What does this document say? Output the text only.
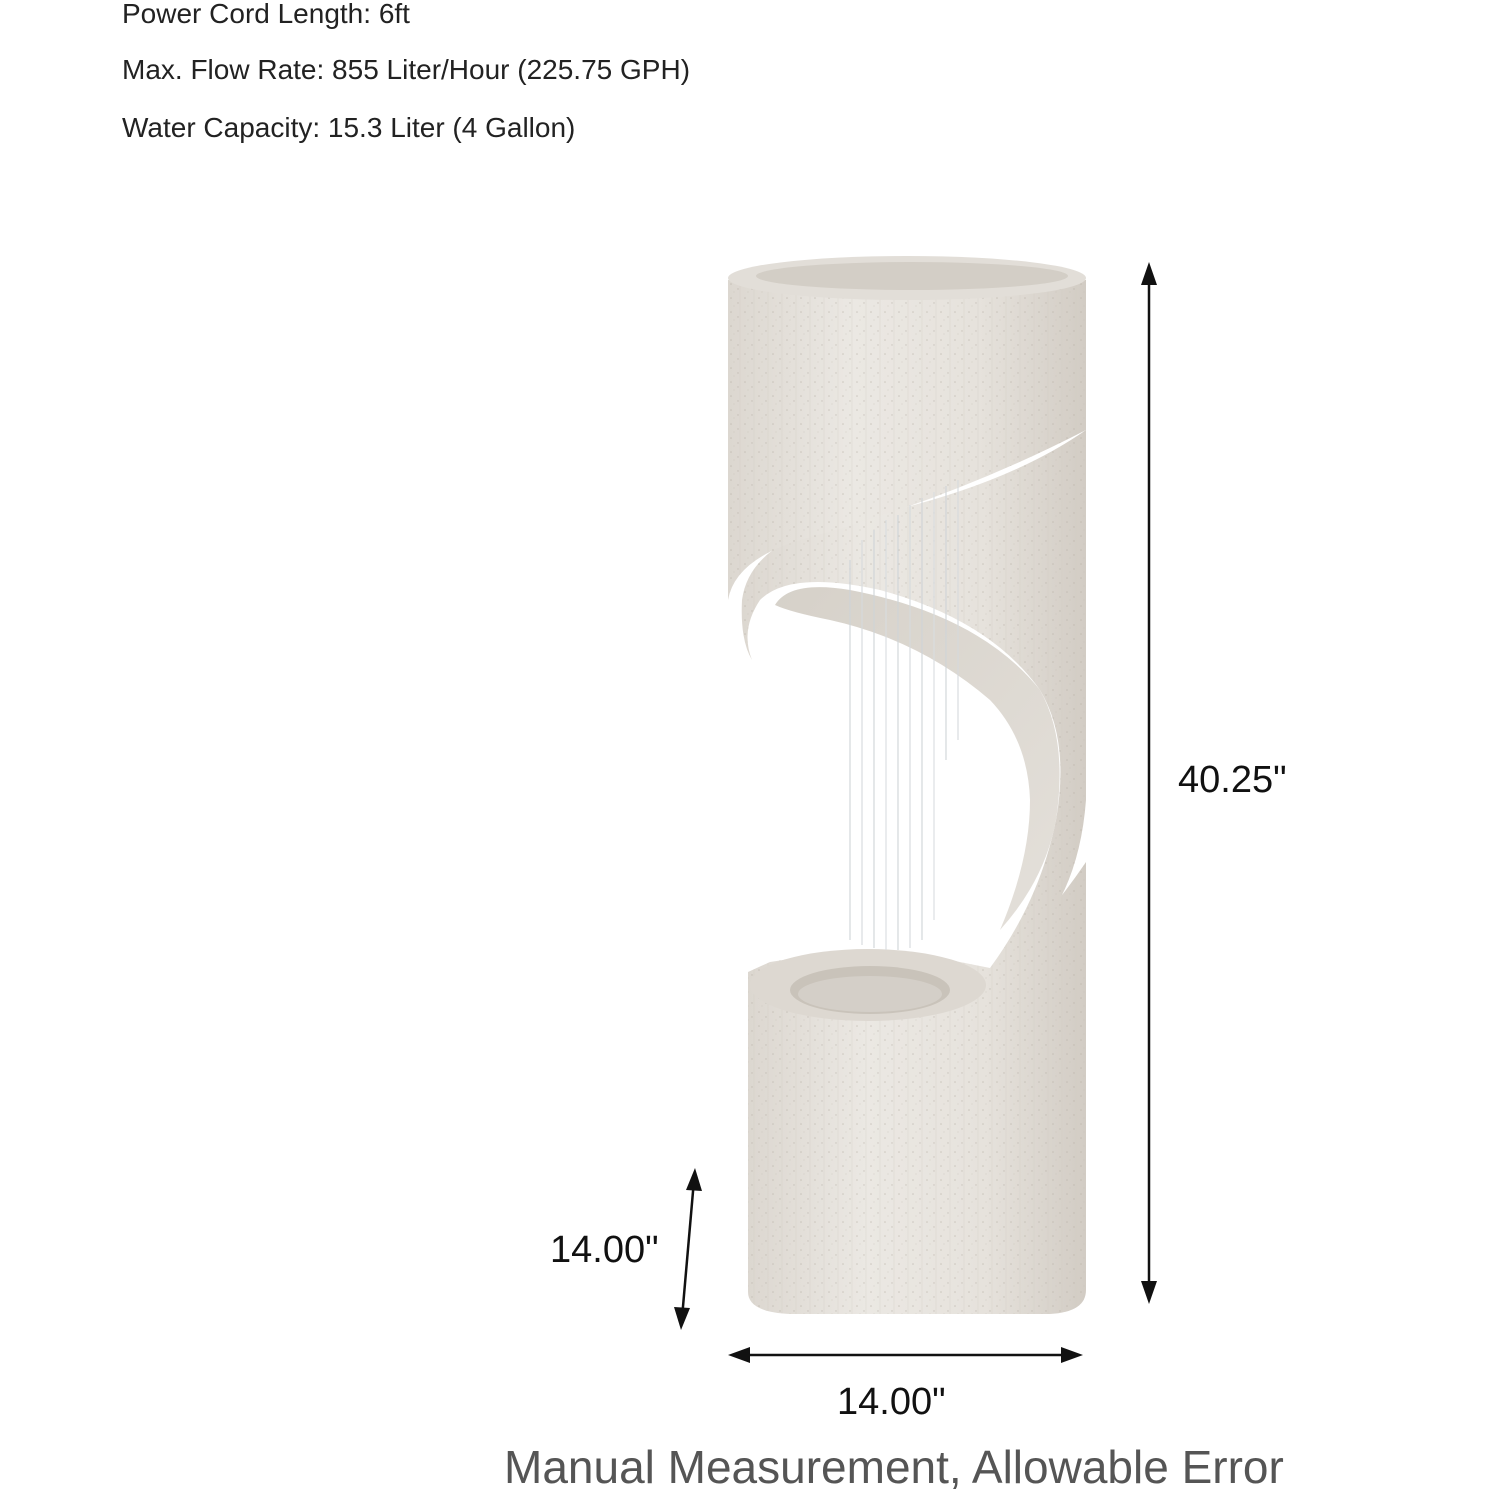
Power Cord Length: 6ft
Max. Flow Rate: 855 Liter/Hour (225.75 GPH)
Water Capacity: 15.3 Liter (4 Gallon)
40.25"
14.00"
14.00"
Manual Measurement, Allowable Error
